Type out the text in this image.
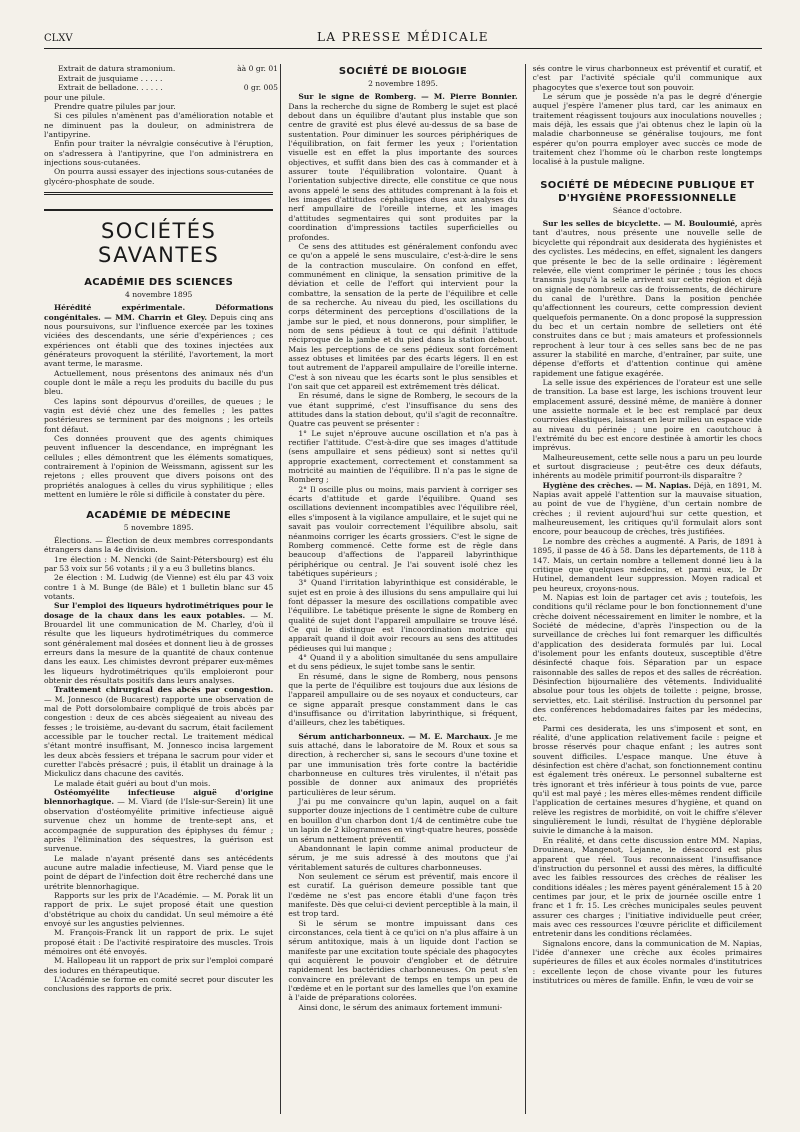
CLXV	LA PRESSE MÉDICALE
Extrait de datura stramonium.	àà 0 gr. 01
Extrait de jusquiame . . . . .
Extrait de belladone. . . . . .	0 gr. 005

pour une pilule.

Prendre quatre pilules par jour.

Si ces pilules n'amènent pas d'amélioration notable et ne diminuent pas la douleur, on administrera de l'antipyrine.

Enfin pour traiter la névralgie consécutive à l'éruption, on s'adressera à l'antipyrine, que l'on administrera en injections sous-cutanées.

On pourra aussi essayer des injections sous-cutanées de glycéro-phosphate de soude.

SOCIÉTÉS SAVANTES
ACADÉMIE DES SCIENCES
4 novembre 1895

Hérédité expérimentale. Déformations congénitales. — MM. Charrin et Gley. Depuis cinq ans nous poursuivons, sur l'influence exercée par les toxines viciées des descendants, une série d'expériences ; ces expériences ont établi que des toxines injectées aux générateurs provoquent la stérilité, l'avortement, la mort avant terme, le marasme.

Actuellement, nous présentons des animaux nés d'un couple dont le mâle a reçu les produits du bacille du pus bleu.

Ces lapins sont dépourvus d'oreilles, de queues ; le vagin est dévié chez une des femelles ; les pattes postérieures se terminent par des moignons ; les orteils font défaut.

Ces données prouvent que des agents chimiques peuvent influencer la descendance, en imprégnant les cellules ; elles démontrent que les éléments somatiques, contrairement à l'opinion de Weissmann, agissent sur les rejetons ; elles prouvent que divers poisons ont des propriétés analogues à celles du virus syphilitique ; elles mettent en lumière le rôle si difficile à constater du père.

ACADÉMIE DE MÉDECINE
5 novembre 1895.

Élections. — Élection de deux membres correspondants étrangers dans la 4e division.

1re élection : M. Nencki (de Saint-Pétersbourg) est élu par 53 voix sur 56 votants ; il y a eu 3 bulletins blancs.

2e élection : M. Ludwig (de Vienne) est élu par 43 voix contre 1 à M. Bunge (de Bâle) et 1 bulletin blanc sur 45 votants.

Sur l'emploi des liqueurs hydrotimétriques pour le dosage de la chaux dans les eaux potables. — M. Brouardel lit une communication de M. Charley, d'où il résulte que les liqueurs hydrotimétriques du commerce sont généralement mal dosées et donnent lieu à de grosses erreurs dans la mesure de la quantité de chaux contenue dans les eaux. Les chimistes devront préparer eux-mêmes les liqueurs hydrotimétriques qu'ils emploieront pour obtenir des résultats positifs dans leurs analyses.

Traitement chirurgical des abcès par congestion. — M. Jonnesco (de Bucarest) rapporte une observation de mal de Pott dorsolombaire compliqué de trois abcès par congestion : deux de ces abcès siégeaient au niveau des fesses ; le troisième, au-devant du sacrum, était facilement accessible par le toucher rectal. Le traitement médical s'étant montré insuffisant, M. Jonnesco incisa largement les deux abcès fessiers et trépana le sacrum pour vider et curetter l'abcès présacré ; puis, il établit un drainage à la Mickulicz dans chacune des cavités.

Le malade était guéri au bout d'un mois.

Ostéomyélite infectieuse aiguë d'origine blennorhagique. — M. Viard (de l'Isle-sur-Serein) lit une observation d'ostéomyélite primitive infectieuse aiguë survenue chez un homme de trente-sept ans, et accompagnée de suppuration des épiphyses du fémur ; après l'élimination des séquestres, la guérison est survenue.

Le malade n'ayant présenté dans ses antécédents aucune autre maladie infectieuse, M. Viard pense que le point de départ de l'infection doit être recherché dans une urétrite blennorhagique.

Rapports sur les prix de l'Académie. — M. Porak lit un rapport de prix. Le sujet proposé était une question d'obstétrique au choix du candidat. Un seul mémoire a été envoyé sur les angusties pelviennes.

M. François-Franck lit un rapport de prix. Le sujet proposé était : De l'activité respiratoire des muscles. Trois mémoires ont été envoyés.

M. Hallopeau lit un rapport de prix sur l'emploi comparé des iodures en thérapeutique.

L'Académie se forme en comité secret pour discuter les conclusions des rapports de prix.

SOCIÉTÉ DE BIOLOGIE
2 novembre 1895.

Sur le signe de Romberg. — M. Pierre Bonnier. Dans la recherche du signe de Romberg le sujet est placé debout dans un équilibre d'autant plus instable que son centre de gravité est plus élevé au-dessus de sa base de sustentation. Pour diminuer les sources périphériques de l'équilibration, on fait fermer les yeux ; l'orientation visuelle est en effet la plus importante des sources objectives, et suffit dans bien des cas à commander et à assurer toute l'équilibration volontaire. Quant à l'orientation subjective directe, elle constitue ce que nous avons appelé le sens des attitudes comprenant à la fois et les images d'attitudes céphaliques dues aux analyses du nerf ampullaire de l'oreille interne, et les images d'attitudes segmentaires qui sont produites par la coordination d'impressions tactiles superficielles ou profondes.

Ce sens des attitudes est généralement confondu avec ce qu'on a appelé le sens musculaire, c'est-à-dire le sens de la contraction musculaire. On confond en effet, communément en clinique, la sensation primitive de la déviation et celle de l'effort qui intervient pour la combattre, la sensation de la perte de l'équilibre et celle de sa recherche. Au niveau du pied, les oscillations du corps déterminent des perceptions d'oscillations de la jambe sur le pied, et nous donnerons, pour simplifier, le nom de sens pédieux à tout ce qui définit l'attitude réciproque de la jambe et du pied dans la station debout. Mais les perceptions de ce sens pédieux sont forcément assez obtuses et limitées par des écarts légers. Il en est tout autrement de l'appareil ampullaire de l'oreille interne. C'est à son niveau que les écarts sont le plus sensibles et l'on sait que cet appareil est extrêmement très délicat.

En résumé, dans le signe de Romberg, le secours de la vue étant supprimé, c'est l'insuffisance du sens des attitudes dans la station debout, qu'il s'agit de reconnaître. Quatre cas peuvent se présenter :

1° Le sujet n'éprouve aucune oscillation et n'a pas à rectifier l'attitude. C'est-à-dire que ses images d'attitude (sens ampullaire et sens pédieux) sont si nettes qu'il approprie exactement, correctement et constamment sa motricité au maintien de l'équilibre. Il n'a pas le signe de Romberg ;

2° Il oscille plus ou moins, mais parvient à corriger ses écarts d'attitude et garde l'équilibre. Quand ses oscillations deviennent incompatibles avec l'équilibre réel, elles s'imposent à la vigilance ampullaire, et le sujet qui ne savait pas vouloir correctement l'équilibre absolu, sait néanmoins corriger les écarts grossiers. C'est le signe de Romberg commencé. Cette forme est de règle dans beaucoup d'affections de l'appareil labyrinthique périphérique ou central. Je l'ai souvent isolé chez les tabétiques supérieurs ;

3° Quand l'irritation labyrinthique est considérable, le sujet est en proie à des illusions du sens ampullaire qui lui font dépasser la mesure des oscillations compatible avec l'équilibre. Le tabétique présente le signe de Romberg en qualité de sujet dont l'appareil ampullaire se trouve lésé. Ce qui le distingue est l'incoordination motrice qui apparaît quand il doit avoir recours au sens des attitudes pédieuses qui lui manque ;

4° Quand il y a abolition simultanée du sens ampullaire et du sens pédieux, le sujet tombe sans le sentir.

En résumé, dans le signe de Romberg, nous pensons que la perte de l'équilibre est toujours due aux lésions de l'appareil ampullaire ou de ses noyaux et conducteurs, car ce signe apparaît presque constamment dans le cas d'insuffisance ou d'irritation labyrinthique, si fréquent, d'ailleurs, chez les tabétiques.

Sérum anticharbonneux. — M. E. Marchaux. Je me suis attaché, dans le laboratoire de M. Roux et sous sa direction, à rechercher si, sans le secours d'une toxine et par une immunisation très forte contre la bactéridie charbonneuse en cultures très virulentes, il n'était pas possible de donner aux animaux des propriétés particulières de leur sérum.

J'ai pu me convaincre qu'un lapin, auquel on a fait supporter douze injections de 1 centimètre cube de culture en bouillon d'un charbon dont 1/4 de centimètre cube tue un lapin de 2 kilogrammes en vingt-quatre heures, possède un sérum nettement préventif.

Abandonnant le lapin comme animal producteur de sérum, je me suis adressé à des moutons que j'ai véritablement saturés de cultures charbonneuses.

Non seulement ce sérum est préventif, mais encore il est curatif. La guérison demeure possible tant que l'œdème ne s'est pas encore établi d'une façon très manifeste. Dès que celui-ci devient perceptible à la main, il est trop tard.

Si le sérum se montre impuissant dans ces circonstances, cela tient à ce qu'ici on n'a plus affaire à un sérum antitoxique, mais à un liquide dont l'action se manifeste par une excitation toute spéciale des phagocytes qui acquièrent le pouvoir d'englober et de détruire rapidement les bactéridies charbonneuses. On peut s'en convaincre en prélevant de temps en temps un peu de l'œdème et en le portant sur des lamelles que l'on examine à l'aide de préparations colorées.

Ainsi donc, le sérum des animaux fortement immuni-

sés contre le virus charbonneux est préventif et curatif, et c'est par l'activité spéciale qu'il communique aux phagocytes que s'exerce tout son pouvoir.

Le sérum que je possède n'a pas le degré d'énergie auquel j'espère l'amener plus tard, car les animaux en traitement réagissent toujours aux inoculations nouvelles ; mais déjà, les essais que j'ai obtenus chez le lapin où la maladie charbonneuse se généralise toujours, me font espérer qu'on pourra employer avec succès ce mode de traitement chez l'homme où le charbon reste longtemps localisé à la pustule maligne.

SOCIÉTÉ DE MÉDECINE PUBLIQUE ET D'HYGIÈNE PROFESSIONNELLE
Séance d'octobre.

Sur les selles de bicyclette. — M. Bouloumié, après tant d'autres, nous présente une nouvelle selle de bicyclette qui répondrait aux desiderata des hygiénistes et des cyclistes. Les médecins, en effet, signalent les dangers que présente le bec de la selle ordinaire : légèrement relevée, elle vient comprimer le périnée ; tous les chocs transmis jusqu'à la selle arrivent sur cette région et déjà on signale de nombreux cas de froissements, de déchirure du canal de l'urèthre. Dans la position penchée qu'affectionnent les coureurs, cette compression devient quelquefois permanente. On a donc proposé la suppression du bec et un certain nombre de selletiers ont été construites dans ce but ; mais amateurs et professionnels reprochent à leur tour à ces selles sans bec de ne pas assurer la stabilité en marche, d'entraîner, par suite, une dépense d'efforts et d'attention continue qui amène rapidement une fatigue exagérée.

La selle issue des expériences de l'orateur est une selle de transition. La base est large, les ischions trouvent leur emplacement assuré, dessiné même, de manière à donner une assiette normale et le bec est remplacé par deux courroies élastiques, laissant en leur milieu un espace vide au niveau du périnée ; une poire en caoutchouc à l'extrémité du bec est encore destinée à amortir les chocs imprévus.

Malheureusement, cette selle nous a paru un peu lourde et surtout disgracieuse ; peut-être ces deux défauts, inhérents au modèle primitif pourront-ils disparaître ?

Hygiène des crèches. — M. Napias. Déjà, en 1891, M. Napias avait appelé l'attention sur la mauvaise situation, au point de vue de l'hygiène, d'un certain nombre de crèches ; il revient aujourd'hui sur cette question, et malheureusement, les critiques qu'il formulait alors sont encore, pour beaucoup de crèches, très justifiées.

Le nombre des crèches a augmenté. A Paris, de 1891 à 1895, il passe de 46 à 58. Dans les départements, de 118 à 147. Mais, un certain nombre a tellement donné lieu à la critique que quelques médecins, et parmi eux, le Dr Hutinel, demandent leur suppression. Moyen radical et peu heureux, croyons-nous.

M. Napias est loin de partager cet avis ; toutefois, les conditions qu'il réclame pour le bon fonctionnement d'une crèche doivent nécessairement en limiter le nombre, et la Société de médecine, d'après l'inspection ou de la surveillance de crèches lui font remarquer les difficultés d'application des desiderata formulés par lui. Local d'isolement pour les enfants douteux, susceptible d'être désinfecté chaque fois. Séparation par un espace raisonnable des salles de repos et des salles de récréation. Désinfection bijournalière des vêtements. Individualité absolue pour tous les objets de toilette : peigne, brosse, serviettes, etc. Lait stérilisé. Instruction du personnel par des conférences hebdomadaires faites par les médecins, etc.

Parmi ces desiderata, les uns s'imposent et sont, en réalité, d'une application relativement facile : peigne et brosse réservés pour chaque enfant ; les autres sont souvent difficiles. L'espace manque. Une étuve à désinfection est chère d'achat, son fonctionnement continu est également très onéreux. Le personnel subalterne est très ignorant et très inférieur à tous points de vue, parce qu'il est mal payé ; les mères elles-mêmes rendent difficile l'application de certaines mesures d'hygiène, et quand on relève les registres de morbidité, on voit le chiffre s'élever singulièrement le lundi, résultat de l'hygiène déplorable suivie le dimanche à la maison.

En réalité, et dans cette discussion entre MM. Napias, Drouineau, Mangenot, Lejanne, le désaccord est plus apparent que réel. Tous reconnaissent l'insuffisance d'instruction du personnel et aussi des mères, la difficulté avec les faibles ressources des crèches de réaliser les conditions idéales ; les mères payent généralement 15 à 20 centimes par jour, et le prix de journée oscille entre 1 franc et 1 fr. 15. Les crèches municipales seules peuvent assurer ces charges ; l'initiative individuelle peut créer, mais avec ces ressources l'œuvre périclite et difficilement entretenir dans les conditions réclamées.

Signalons encore, dans la communication de M. Napias, l'idée d'annexer une crèche aux écoles primaires supérieures de filles et aux écoles normales d'institutrices : excellente leçon de chose vivante pour les futures institutrices ou mères de famille. Enfin, le vœu de voir se
